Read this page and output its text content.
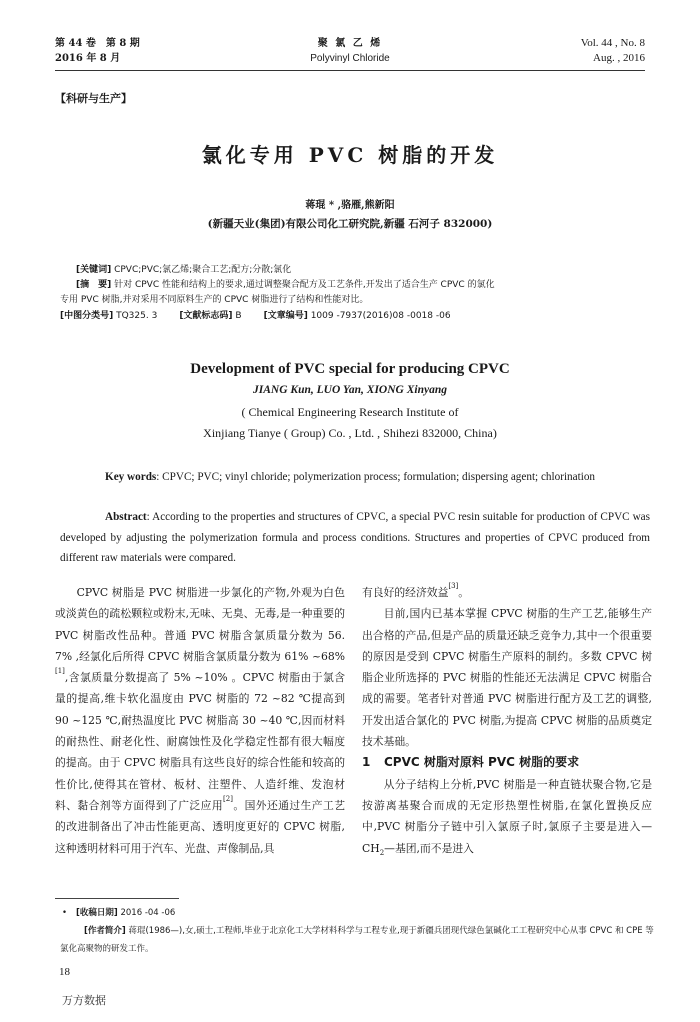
第 44 卷　第 8 期
2016 年 8 月
聚 氯 乙 烯
Polyvinyl Chloride
Vol. 44 , No. 8
Aug. , 2016
【科研与生产】
氯化专用 PVC 树脂的开发
蒋琨 * ,骆雁,熊新阳
(新疆天业(集团)有限公司化工研究院,新疆 石河子 832000)
[关键词] CPVC;PVC;氯乙烯;聚合工艺;配方;分散;氯化
[摘　要] 针对 CPVC 性能和结构上的要求,通过调整聚合配方及工艺条件,开发出了适合生产 CPVC 的氯化
专用 PVC 树脂,并对采用不同原料生产的 CPVC 树脂进行了结构和性能对比。
[中图分类号] TQ325. 3 [文献标志码] B [文章编号] 1009 -7937(2016)08 -0018 -06
Development of PVC special for producing CPVC
JIANG Kun, LUO Yan, XIONG Xinyang
( Chemical Engineering Research Institute of
Xinjiang Tianye ( Group) Co. , Ltd. , Shihezi 832000, China)
Key words: CPVC; PVC; vinyl chloride; polymerization process; formulation; dispersing agent; chlorination
Abstract: According to the properties and structures of CPVC, a special PVC resin suitable for production of CPVC was developed by adjusting the polymerization formula and process conditions. Structures and properties of CPVC produced from different raw materials were compared.

CPVC 树脂是 PVC 树脂进一步氯化的产物,外观为白色或淡黄色的疏松颗粒或粉末,无味、无臭、无毒,是一种重要的 PVC 树脂改性品种。普通 PVC 树脂含氯质量分数为 56. 7% ,经氯化后所得 CPVC 树脂含氯质量分数为 61% ~68% [1],含氯质量分数提高了 5% ~10% 。CPVC 树脂由于氯含量的提高,维卡软化温度由 PVC 树脂的 72 ~82 ℃提高到 90 ~125 ℃,耐热温度比 PVC 树脂高 30 ~40 ℃,因而材料的耐热性、耐老化性、耐腐蚀性及化学稳定性都有很大幅度的提高。由于 CPVC 树脂具有这些良好的综合性能和较高的性价比,使得其在管材、板材、注塑件、人造纤维、发泡材料、黏合剂等方面得到了广泛应用[2]。国外还通过生产工艺的改进制备出了冲击性能更高、透明度更好的 CPVC 树脂,这种透明材料可用于汽车、光盘、声像制品,具

有良好的经济效益[3]。

目前,国内已基本掌握 CPVC 树脂的生产工艺,能够生产出合格的产品,但是产品的质量还缺乏竞争力,其中一个很重要的原因是受到 CPVC 树脂生产原料的制约。多数 CPVC 树脂企业所选择的 PVC 树脂的性能还无法满足 CPVC 树脂合成的需要。笔者针对普通 PVC 树脂进行配方及工艺的调整,开发出适合氯化的 PVC 树脂,为提高 CPVC 树脂的品质奠定技术基础。

1 CPVC 树脂对原料 PVC 树脂的要求

从分子结构上分析,PVC 树脂是一种直链状聚合物,它是按游离基聚合而成的无定形热塑性树脂,在氯化置换反应中,PVC 树脂分子链中引入氯原子时,氯原子主要是进入$—CH_2—$基团,而不是进入

• [收稿日期] 2016 -04 -06
[作者简介] 蒋琨(1986—),女,硕士,工程师,毕业于北京化工大学材料科学与工程专业,现于新疆兵团现代绿色氯碱化工工程研究中心从事 CPVC 和 CPE 等氯化高聚物的研发工作。
18
万方数据
